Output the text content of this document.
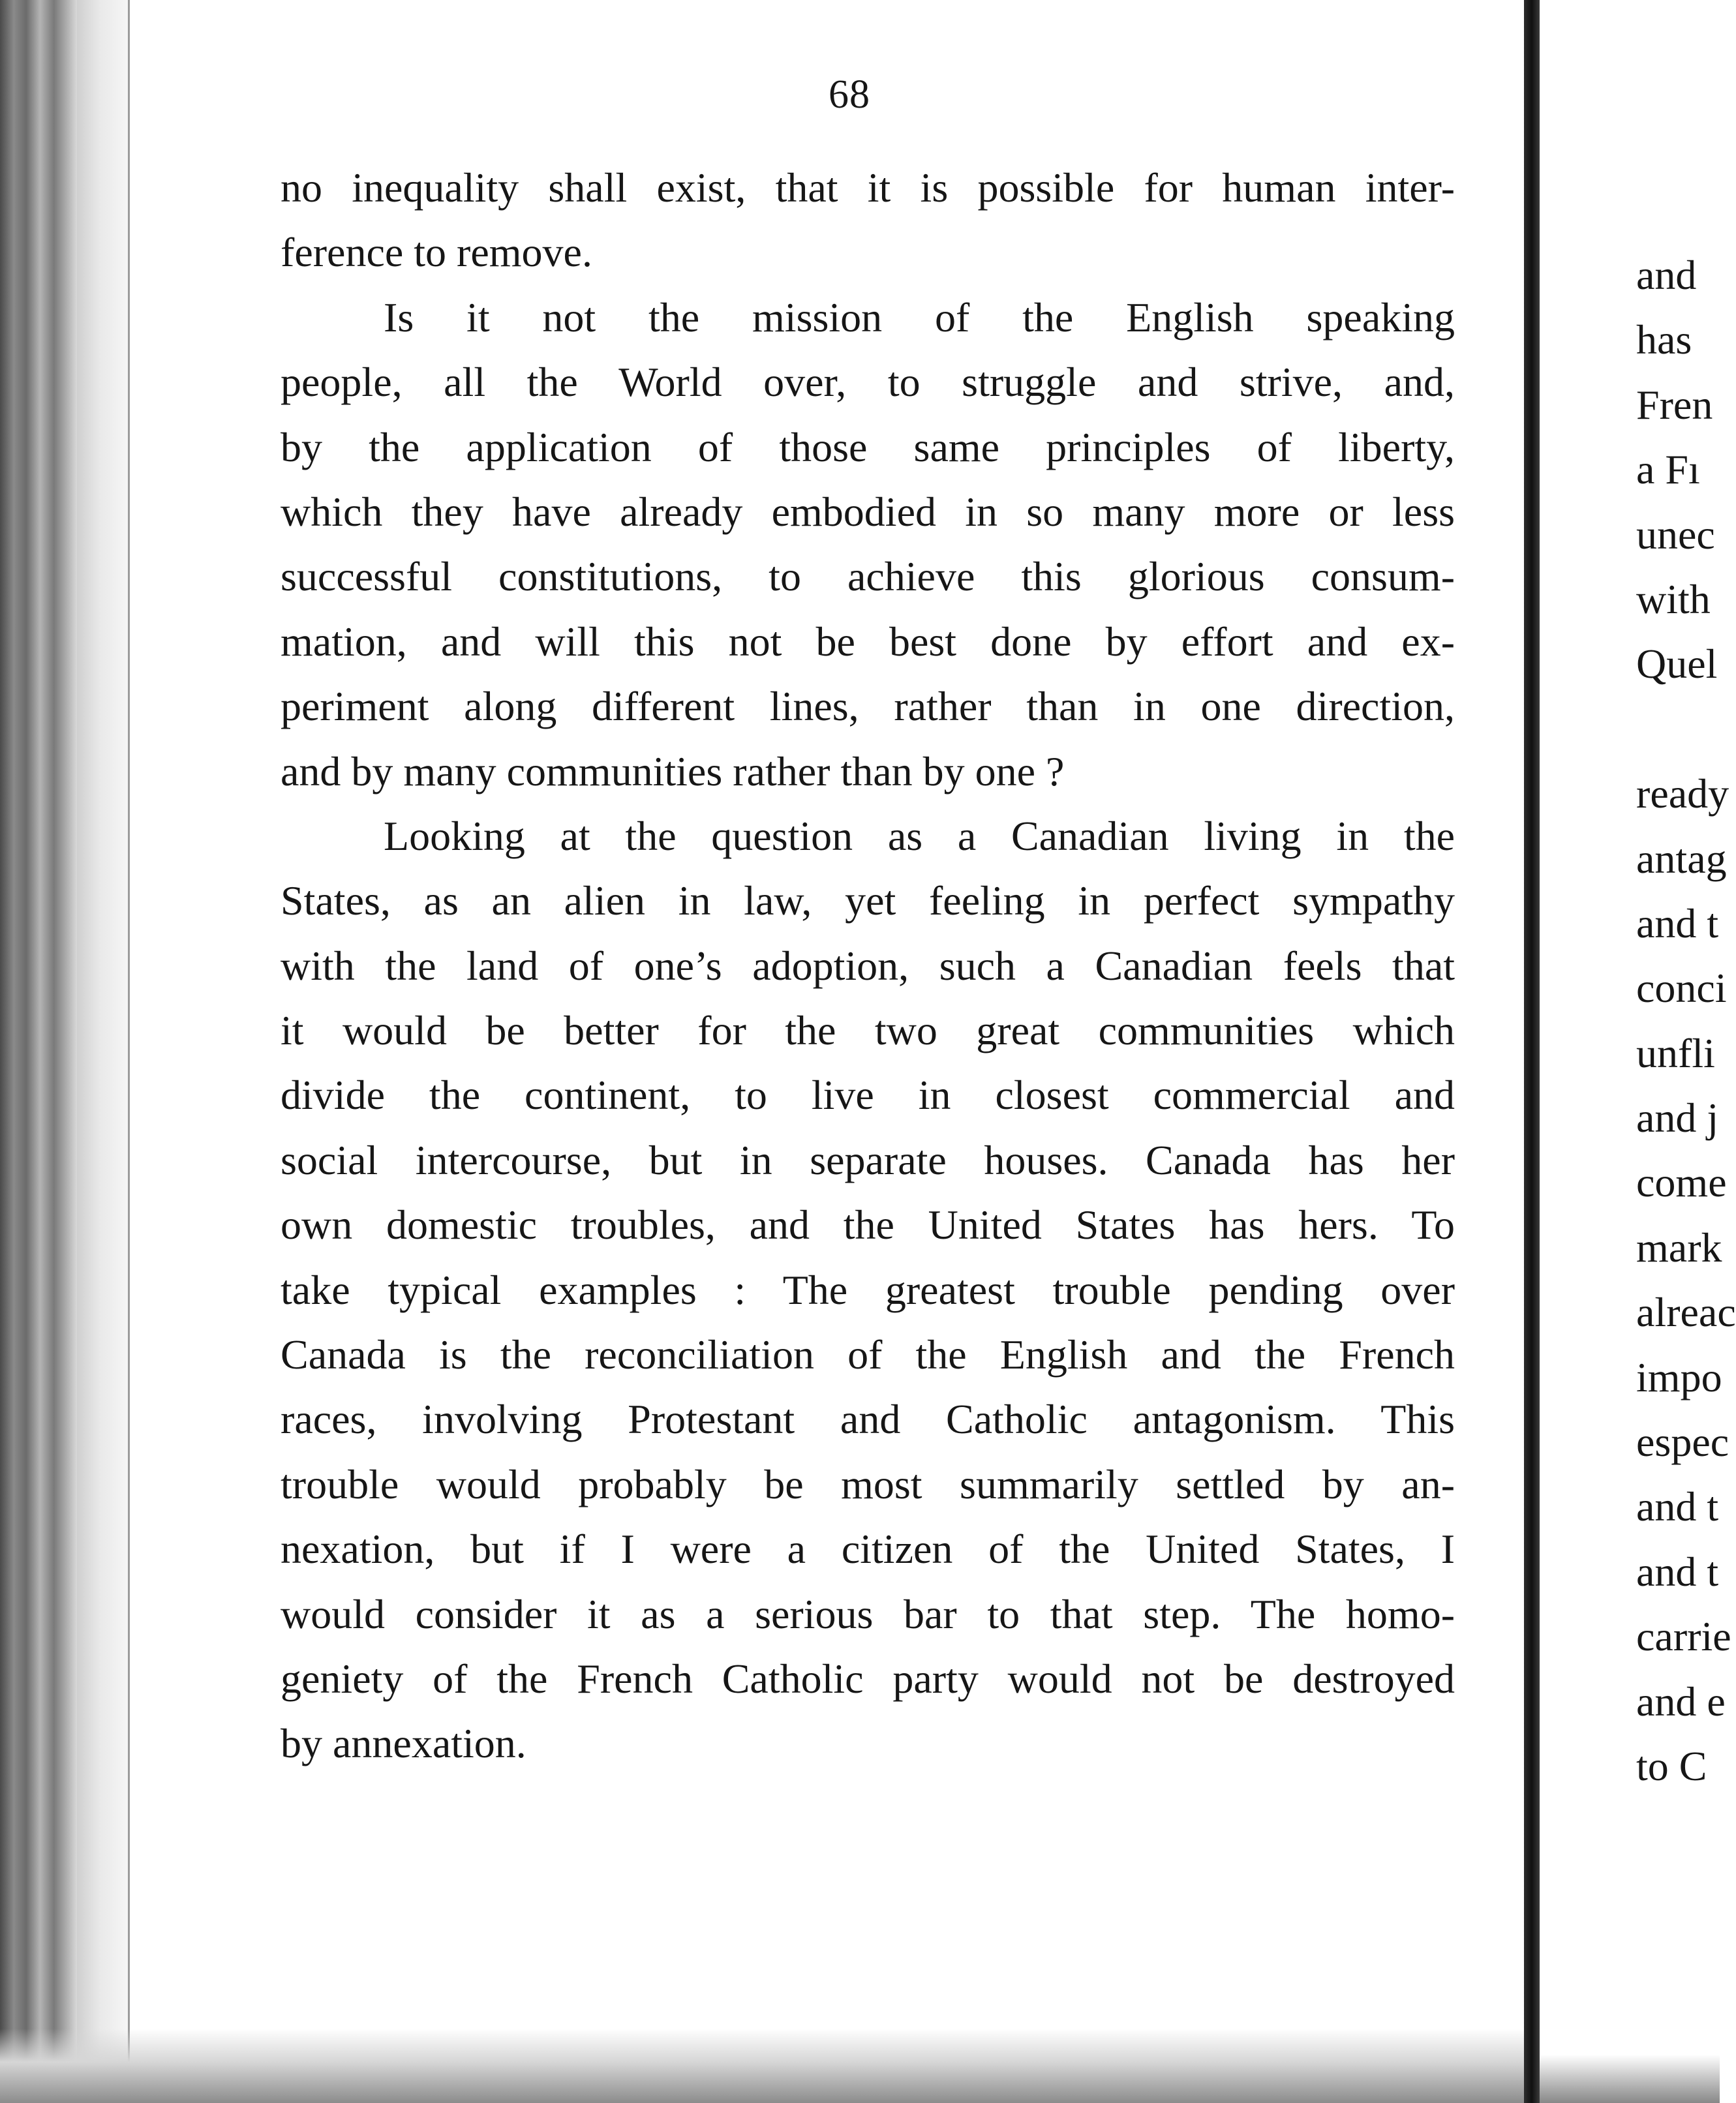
68
no inequality shall exist, that it is possible for human inter-
ference to remove.
Is it not the mission of the English speaking
people, all the World over, to struggle and strive, and,
by the application of those same principles of liberty,
which they have already embodied in so many more or less
successful constitutions, to achieve this glorious consum-
mation, and will this not be best done by effort and ex-
periment along different lines, rather than in one direction,
and by many communities rather than by one ?
Looking at the question as a Canadian living in the
States, as an alien in law, yet feeling in perfect sympathy
with the land of one’s adoption, such a Canadian feels that
it would be better for the two great communities which
divide the continent, to live in closest commercial and
social intercourse, but in separate houses. Canada has her
own domestic troubles, and the United States has hers. To
take typical examples : The greatest trouble pending over
Canada is the reconciliation of the English and the French
races, involving Protestant and Catholic antagonism. This
trouble would probably be most summarily settled by an-
nexation, but if I were a citizen of the United States, I
would consider it as a serious bar to that step. The homo-
geniety of the French Catholic party would not be destroyed
by annexation.
and
has
Fren
a Fı
unec
with
Quel
ready
antag
and t
conci
unfli
and j
come
mark
alreac
impo
espec
and t
and t
carrie
and e
to C
